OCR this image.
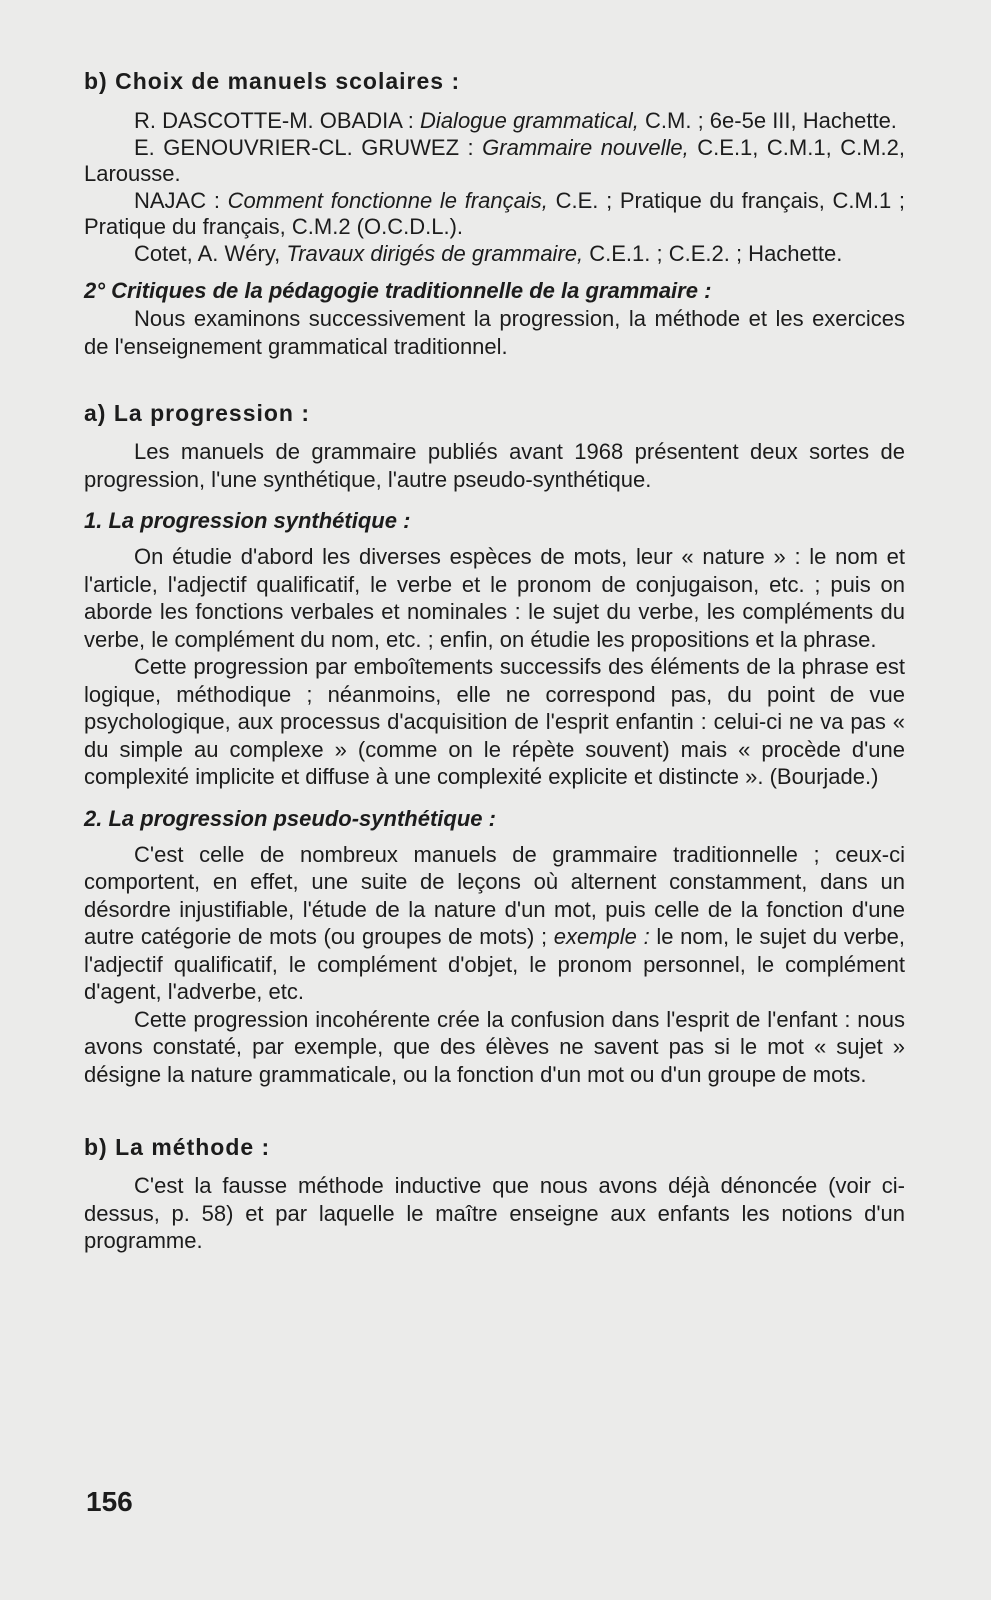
b) Choix de manuels scolaires :

R. DASCOTTE-M. OBADIA : Dialogue grammatical, C.M. ; 6e-5e III, Hachette.

E. GENOUVRIER-CL. GRUWEZ : Grammaire nouvelle, C.E.1, C.M.1, C.M.2, Larousse.

NAJAC : Comment fonctionne le français, C.E. ; Pratique du français, C.M.1 ; Pratique du français, C.M.2 (O.C.D.L.).

Cotet, A. Wéry, Travaux dirigés de grammaire, C.E.1. ; C.E.2. ; Hachette.

2° Critiques de la pédagogie traditionnelle de la grammaire :

Nous examinons successivement la progression, la méthode et les exercices de l'enseignement grammatical traditionnel.

a) La progression :

Les manuels de grammaire publiés avant 1968 présentent deux sortes de progression, l'une synthétique, l'autre pseudo-synthétique.

1. La progression synthétique :

On étudie d'abord les diverses espèces de mots, leur « nature » : le nom et l'article, l'adjectif qualificatif, le verbe et le pronom de conjugaison, etc. ; puis on aborde les fonctions verbales et nominales : le sujet du verbe, les compléments du verbe, le complément du nom, etc. ; enfin, on étudie les propositions et la phrase.

Cette progression par emboîtements successifs des éléments de la phrase est logique, méthodique ; néanmoins, elle ne correspond pas, du point de vue psychologique, aux processus d'acquisition de l'esprit enfantin : celui-ci ne va pas « du simple au complexe » (comme on le répète souvent) mais « procède d'une complexité implicite et diffuse à une complexité explicite et distincte ». (Bourjade.)

2. La progression pseudo-synthétique :

C'est celle de nombreux manuels de grammaire traditionnelle ; ceux-ci comportent, en effet, une suite de leçons où alternent constamment, dans un désordre injustifiable, l'étude de la nature d'un mot, puis celle de la fonction d'une autre catégorie de mots (ou groupes de mots) ; exemple : le nom, le sujet du verbe, l'adjectif qualificatif, le complément d'objet, le pronom personnel, le complément d'agent, l'adverbe, etc.

Cette progression incohérente crée la confusion dans l'esprit de l'enfant : nous avons constaté, par exemple, que des élèves ne savent pas si le mot « sujet » désigne la nature grammaticale, ou la fonction d'un mot ou d'un groupe de mots.

b) La méthode :

C'est la fausse méthode inductive que nous avons déjà dénoncée (voir ci-dessus, p. 58) et par laquelle le maître enseigne aux enfants les notions d'un programme.

156
